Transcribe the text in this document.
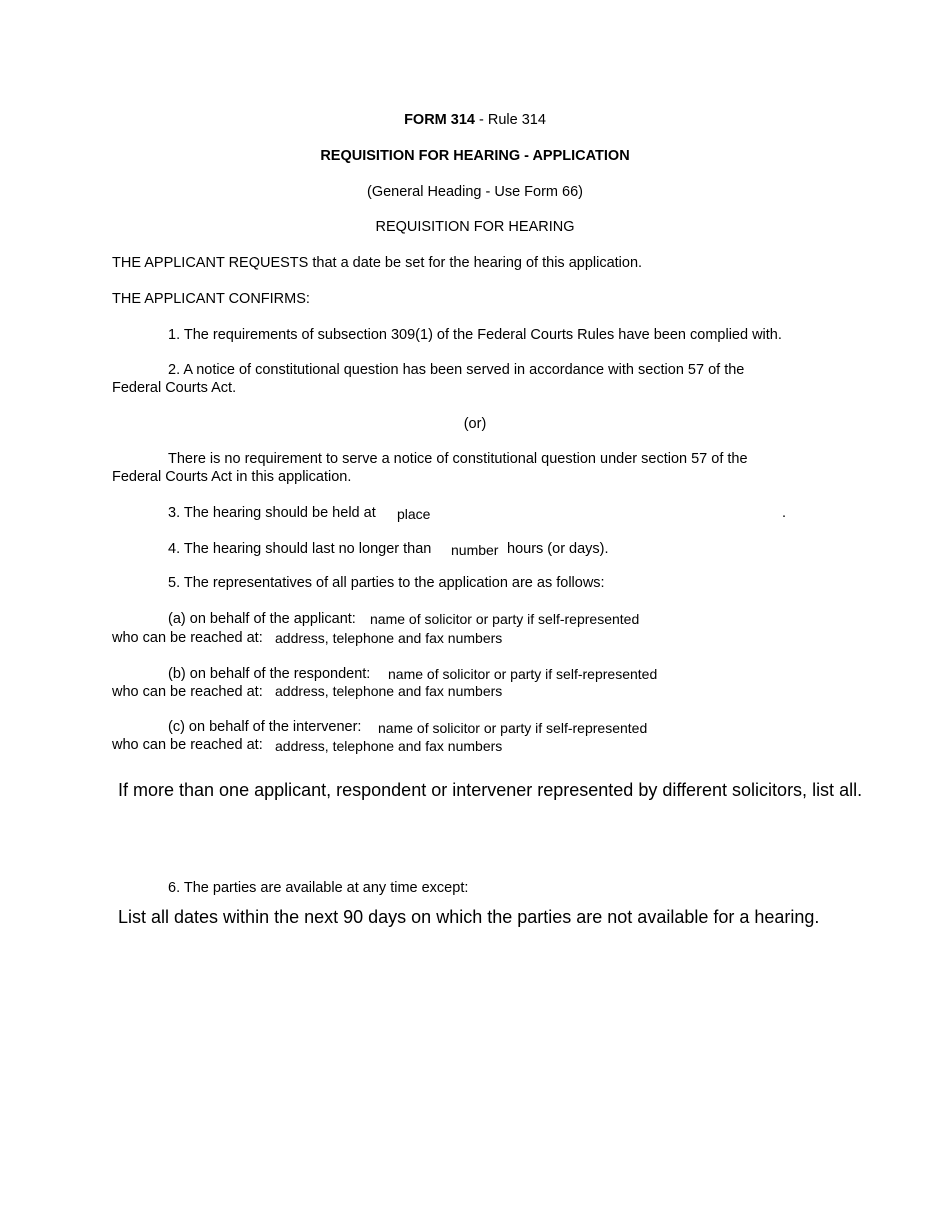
FORM 314 - Rule 314
REQUISITION FOR HEARING - APPLICATION
(General Heading - Use Form 66)
REQUISITION FOR HEARING
THE APPLICANT REQUESTS that a date be set for the hearing of this application.
THE APPLICANT CONFIRMS:
1. The requirements of subsection 309(1) of the Federal Courts Rules have been complied with.
2. A notice of constitutional question has been served in accordance with section 57 of the
Federal Courts Act.
(or)
There is no requirement to serve a notice of constitutional question under section 57 of the
Federal Courts Act in this application.
3. The hearing should be held at place	.
4. The hearing should last no longer than number hours (or days).
5. The representatives of all parties to the application are as follows:
(a) on behalf of the applicant: name of solicitor or party if self-represented
who can be reached at: address, telephone and fax numbers
(b) on behalf of the respondent: name of solicitor or party if self-represented
who can be reached at: address, telephone and fax numbers
(c) on behalf of the intervener: name of solicitor or party if self-represented
who can be reached at: address, telephone and fax numbers
If more than one applicant, respondent or intervener represented by different solicitors, list all.
6. The parties are available at any time except:
List all dates within the next 90 days on which the parties are not available for a hearing.
